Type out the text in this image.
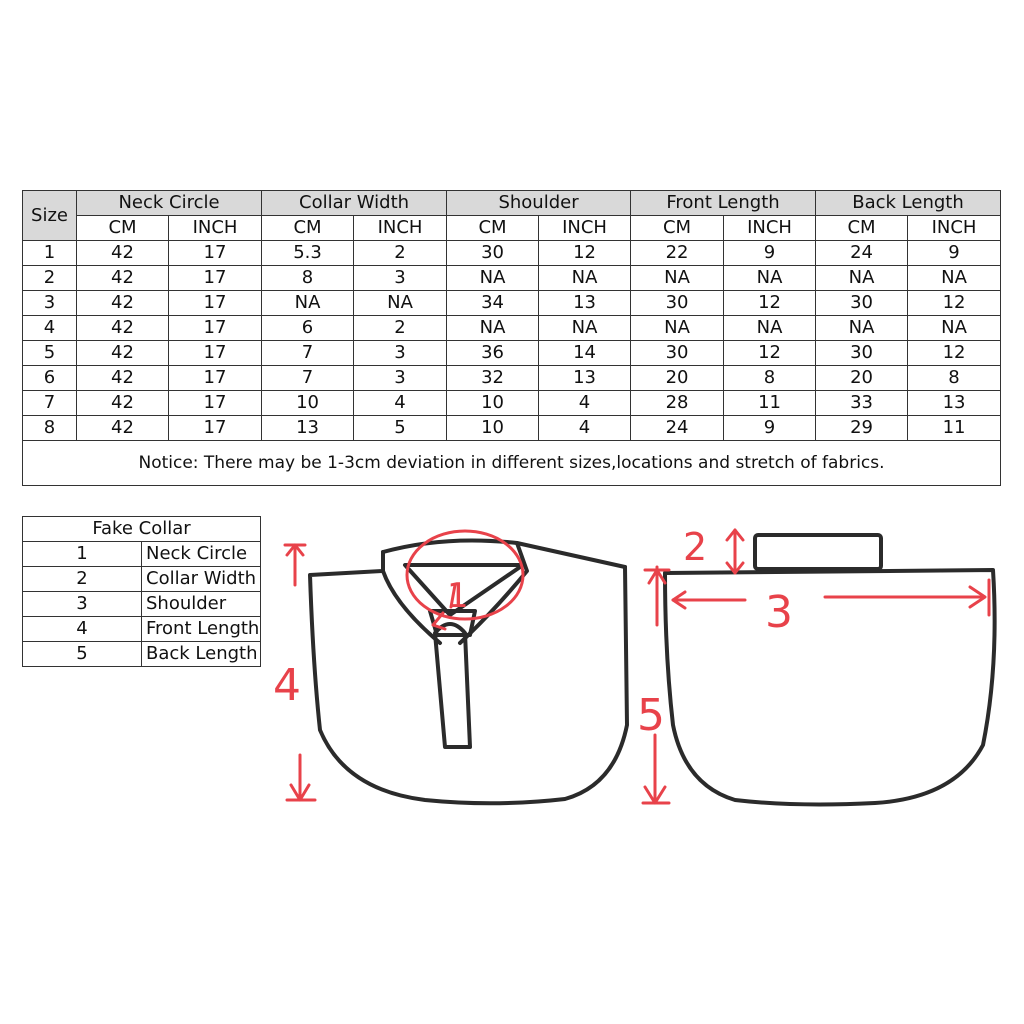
Size	Neck Circle		Collar Width		Shoulder		Front Length		Back Length	
	CM	INCH	CM	INCH	CM	INCH	CM	INCH	CM	INCH
1	42	17	5.3	2	30	12	22	9	24	9
2	42	17	8	3	NA	NA	NA	NA	NA	NA
3	42	17	NA	NA	34	13	30	12	30	12
4	42	17	6	2	NA	NA	NA	NA	NA	NA
5	42	17	7	3	36	14	30	12	30	12
6	42	17	7	3	32	13	20	8	20	8
7	42	17	10	4	10	4	28	11	33	13
8	42	17	13	5	10	4	24	9	29	11
Notice: There may be 1-3cm deviation in different sizes,locations and stretch of fabrics.										
Fake Collar	
1	Neck Circle
2	Collar Width
3	Shoulder
4	Front Length
5	Back Length
4
5
2
3
1
